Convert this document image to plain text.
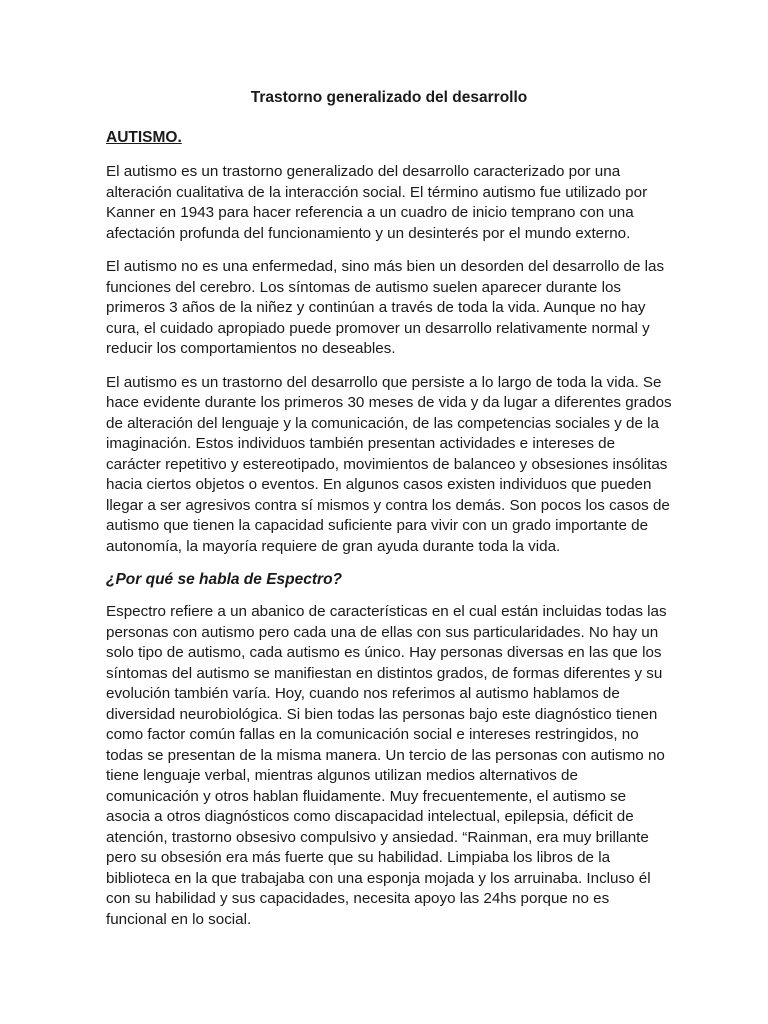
Trastorno generalizado del desarrollo
AUTISMO.

El autismo es un trastorno generalizado del desarrollo caracterizado por una alteración cualitativa de la interacción social. El término autismo fue utilizado por Kanner en 1943 para hacer referencia a un cuadro de inicio temprano con una afectación profunda del funcionamiento y un desinterés por el mundo externo.

El autismo no es una enfermedad, sino más bien un desorden del desarrollo de las funciones del cerebro. Los síntomas de autismo suelen aparecer durante los primeros 3 años de la niñez y continúan a través de toda la vida. Aunque no hay cura, el cuidado apropiado puede promover un desarrollo relativamente normal y reducir los comportamientos no deseables.

El autismo es un trastorno del desarrollo que persiste a lo largo de toda la vida. Se hace evidente durante los primeros 30 meses de vida y da lugar a diferentes grados de alteración del lenguaje y la comunicación, de las competencias sociales y de la imaginación. Estos individuos también presentan actividades e intereses de carácter repetitivo y estereotipado, movimientos de balanceo y obsesiones insólitas hacia ciertos objetos o eventos. En algunos casos existen individuos que pueden llegar a ser agresivos contra sí mismos y contra los demás. Son pocos los casos de autismo que tienen la capacidad suficiente para vivir con un grado importante de autonomía, la mayoría requiere de gran ayuda durante toda la vida.

¿Por qué se habla de Espectro?

Espectro refiere a un abanico de características en el cual están incluidas todas las personas con autismo pero cada una de ellas con sus particularidades. No hay un solo tipo de autismo, cada autismo es único. Hay personas diversas en las que los síntomas del autismo se manifiestan en distintos grados, de formas diferentes y su evolución también varía. Hoy, cuando nos referimos al autismo hablamos de diversidad neurobiológica. Si bien todas las personas bajo este diagnóstico tienen como factor común fallas en la comunicación social e intereses restringidos, no todas se presentan de la misma manera. Un tercio de las personas con autismo no tiene lenguaje verbal, mientras algunos utilizan medios alternativos de comunicación y otros hablan fluidamente. Muy frecuentemente, el autismo se asocia a otros diagnósticos como discapacidad intelectual, epilepsia, déficit de atención, trastorno obsesivo compulsivo y ansiedad. “Rainman, era muy brillante pero su obsesión era más fuerte que su habilidad. Limpiaba los libros de la biblioteca en la que trabajaba con una esponja mojada y los arruinaba. Incluso él con su habilidad y sus capacidades, necesita apoyo las 24hs porque no es funcional en lo social.
